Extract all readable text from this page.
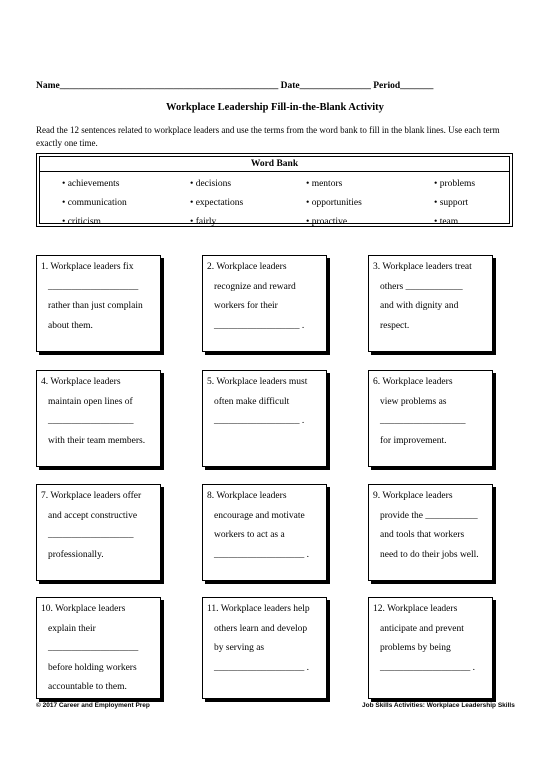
Name______________________________________________ Date_______________ Period_______
Workplace Leadership Fill-in-the-Blank Activity
Read the 12 sentences related to workplace leaders and use the terms from the word bank to fill in the blank lines. Use each term exactly one time.
Word Bank
• achievements	• decisions	• mentors	• problems
• communication	• expectations	• opportunities	• support
• criticism	• fairly	• proactive	• team
1. Workplace leaders fix
___________________
rather than just complain
about them.
2. Workplace leaders
recognize and reward
workers for their
__________________ .
3. Workplace leaders treat
others ____________
and with dignity and
respect.
4. Workplace leaders
maintain open lines of
__________________
with their team members.
5. Workplace leaders must
often make difficult
__________________ .
6. Workplace leaders
view problems as
__________________
for improvement.
7. Workplace leaders offer
and accept constructive
__________________
professionally.
8. Workplace leaders
encourage and motivate
workers to act as a
___________________ .
9. Workplace leaders
provide the ___________
and tools that workers
need to do their jobs well.
10. Workplace leaders
explain their
___________________
before holding workers
accountable to them.
11. Workplace leaders help
others learn and develop
by serving as
___________________ .
12. Workplace leaders
anticipate and prevent
problems by being
___________________ .
© 2017 Career and Employment Prep	Job Skills Activities: Workplace Leadership Skills
